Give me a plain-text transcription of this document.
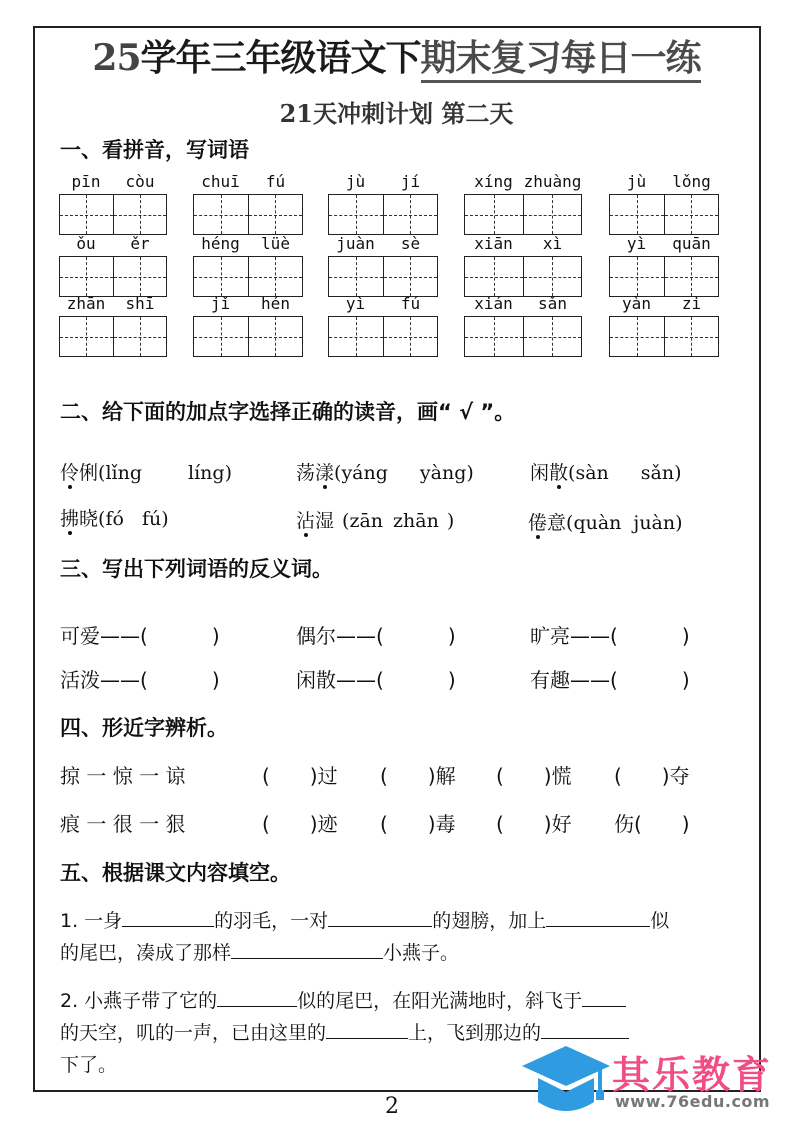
25学年三年级语文下期末复习每日一练
21天冲刺计划 第二天
一、看拼音，写词语
pīn	còu	chuī	fú	jù	jí	xíng zhuàng	jù	lǒng
ǒu	ěr	héng	lüè	juàn	sè	xiān	xì	yì	quān
zhān	shī	jǐ	hén	yì	fú	xián	sǎn	yàn	zi
二、给下面的加点字选择正确的读音，画“ √ ”。
伶俐(lǐng líng)	荡漾(yáng yàng)	闲散(sàn sǎn)
拂晓(fó fú)	沾湿 (zān zhān )	倦意(quàn juàn)
三、写出下列词语的反义词。
可爱——(	)	偶尔——(	)	旷亮——(	)
活泼——(	)	闲散——(	)	有趣——(	)
四、形近字辨析。
掠 一 惊 一 谅	(　　)过 (　　)解 (　　)慌 (　　)夺
痕 一 很 一 狠	(　　)迹 (　　)毒 (　　)好 伤(　　)
五、根据课文内容填空。
1. 一身	的羽毛，一对	的翅膀，加上	似
的尾巴，凑成了那样	小燕子。
2. 小燕子带了它的	似的尾巴，在阳光满地时，斜飞于
的天空，叽的一声，已由这里的	上，飞到那边的
下了。
2
其乐教育
www.76edu.com
